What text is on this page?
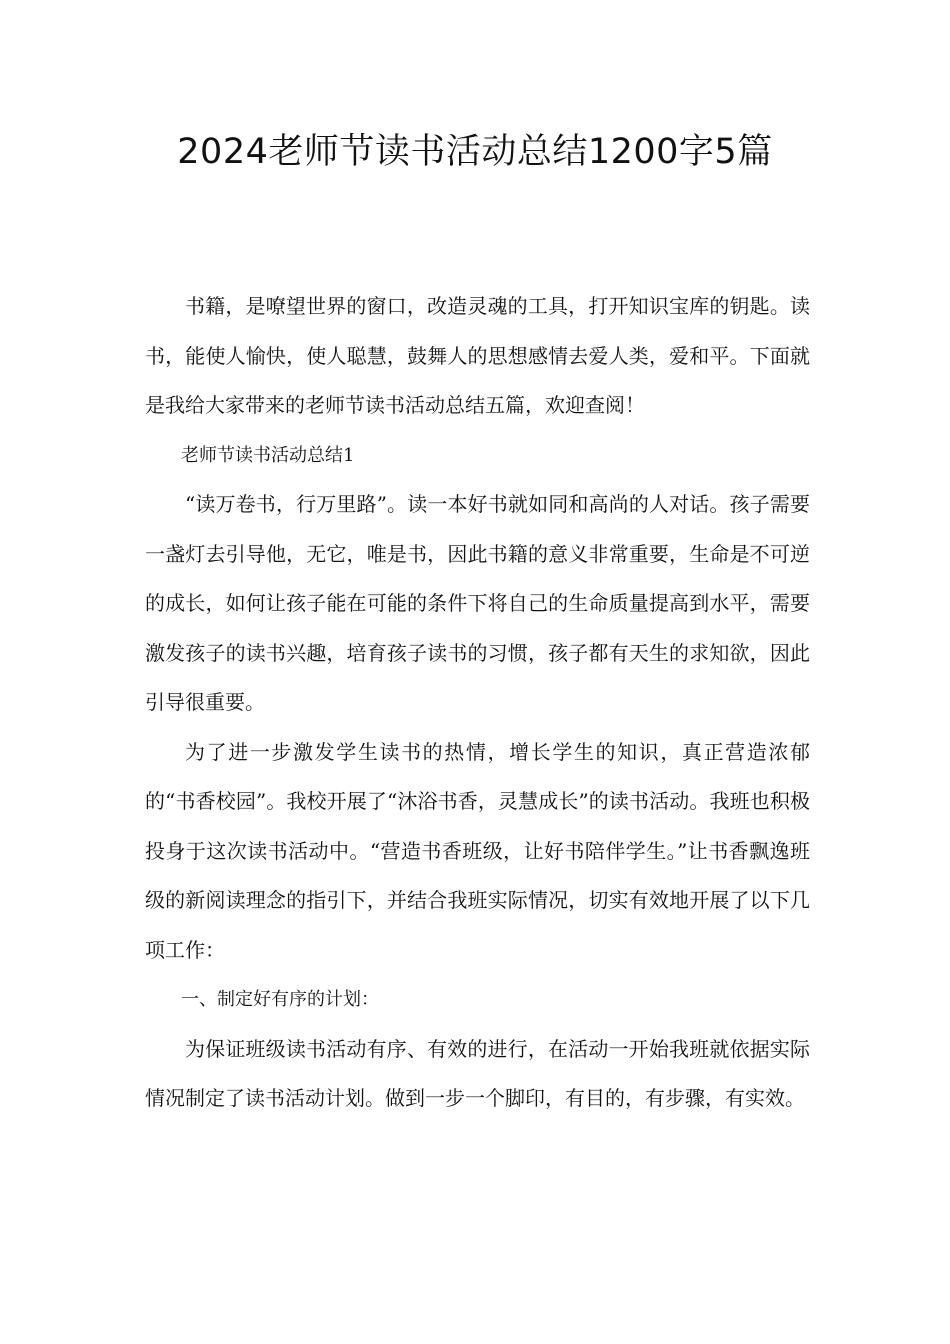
2024老师节读书活动总结1200字5篇

书籍，是嘹望世界的窗口，改造灵魂的工具，打开知识宝库的钥匙。读书，能使人愉快，使人聪慧，鼓舞人的思想感情去爱人类，爱和平。下面就是我给大家带来的老师节读书活动总结五篇，欢迎查阅！

老师节读书活动总结1

“读万卷书，行万里路”。读一本好书就如同和高尚的人对话。孩子需要一盏灯去引导他，无它，唯是书，因此书籍的意义非常重要，生命是不可逆的成长，如何让孩子能在可能的条件下将自己的生命质量提高到水平，需要激发孩子的读书兴趣，培育孩子读书的习惯，孩子都有天生的求知欲，因此引导很重要。

为了进一步激发学生读书的热情，增长学生的知识，真正营造浓郁的“书香校园”。我校开展了“沐浴书香，灵慧成长”的读书活动。我班也积极投身于这次读书活动中。“营造书香班级，让好书陪伴学生。”让书香飘逸班级的新阅读理念的指引下，并结合我班实际情况，切实有效地开展了以下几项工作：

一、制定好有序的计划：

为保证班级读书活动有序、有效的进行，在活动一开始我班就依据实际情况制定了读书活动计划。做到一步一个脚印，有目的，有步骤，有实效。
